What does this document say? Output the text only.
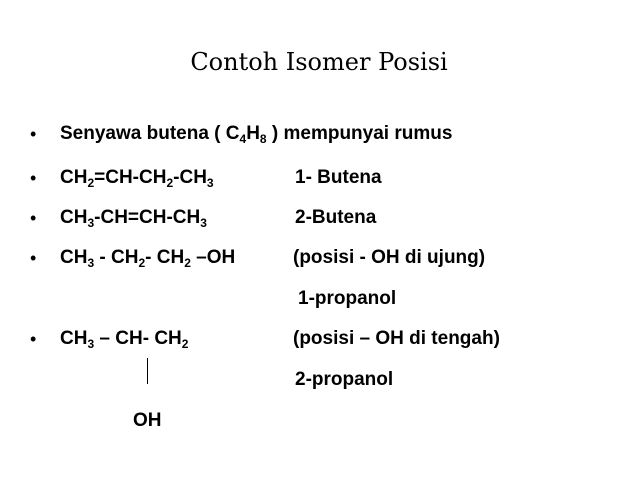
Contoh Isomer Posisi
• Senyawa butena ( $C_4H_8$ ) mempunyai rumus
• $CH_2=CH-CH_2-CH_3$	1- Butena
• $CH_3-CH=CH-CH_3$	2-Butena
• $CH_3 - CH_2-$ $CH_2$ –OH	(posisi - OH di ujung)
1-propanol
• $CH_3 - CH-$ $CH_2$	(posisi – OH di tengah)
2-propanol
OH
